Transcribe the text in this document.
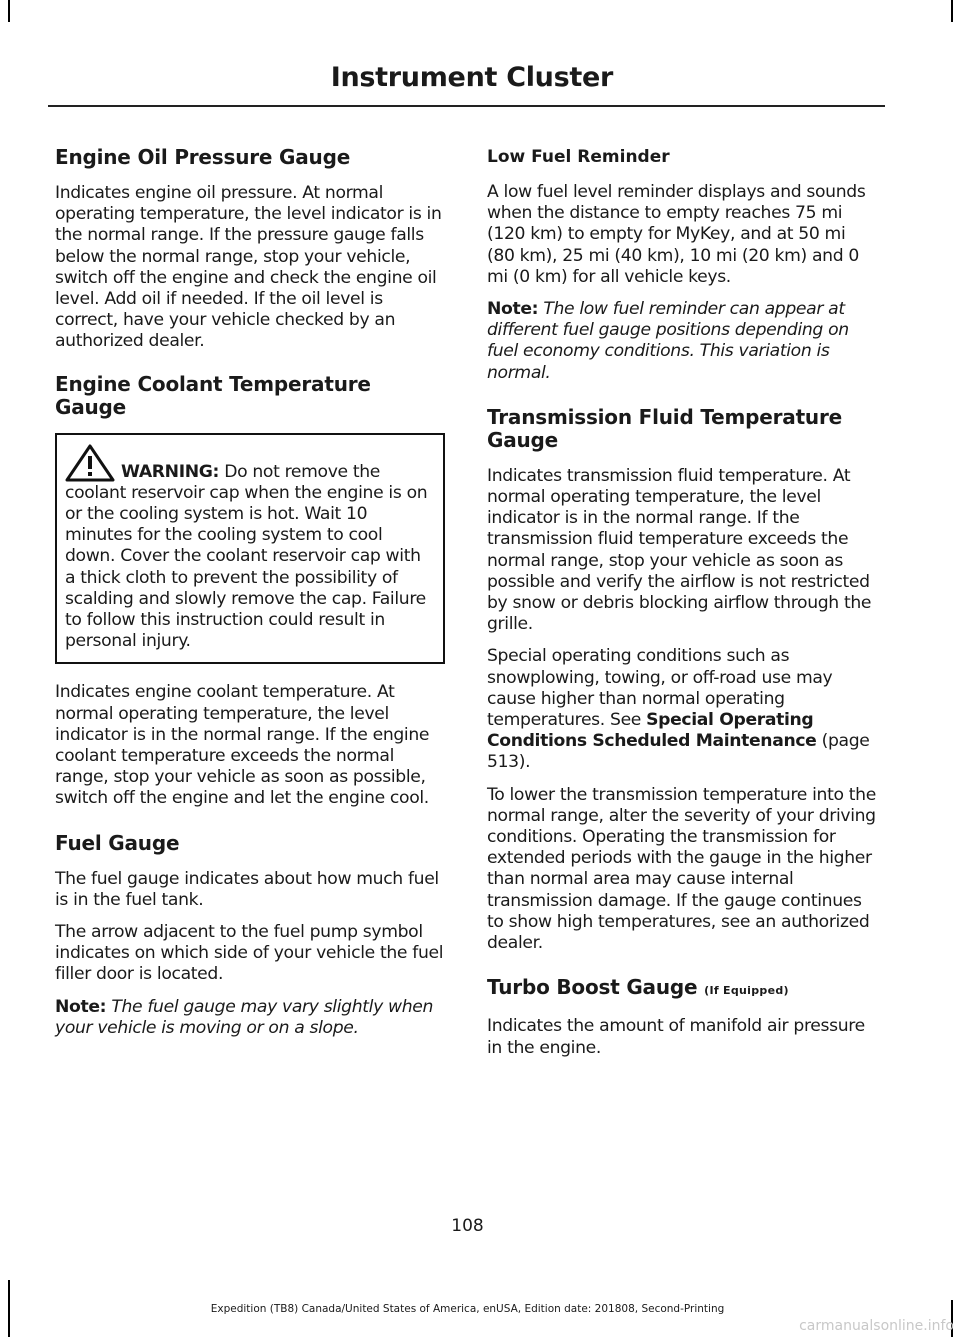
Instrument Cluster
Engine Oil Pressure Gauge

Indicates engine oil pressure. At normal operating temperature, the level indicator is in the normal range. If the pressure gauge falls below the normal range, stop your vehicle, switch off the engine and check the engine oil level. Add oil if needed. If the oil level is correct, have your vehicle checked by an authorized dealer.

Engine Coolant Temperature Gauge

WARNING: Do not remove the coolant reservoir cap when the engine is on or the cooling system is hot. Wait 10 minutes for the cooling system to cool down. Cover the coolant reservoir cap with a thick cloth to prevent the possibility of scalding and slowly remove the cap. Failure to follow this instruction could result in personal injury.

Indicates engine coolant temperature. At normal operating temperature, the level indicator is in the normal range. If the engine coolant temperature exceeds the normal range, stop your vehicle as soon as possible, switch off the engine and let the engine cool.

Fuel Gauge

The fuel gauge indicates about how much fuel is in the fuel tank.

The arrow adjacent to the fuel pump symbol indicates on which side of your vehicle the fuel filler door is located.

Note: The fuel gauge may vary slightly when your vehicle is moving or on a slope.

Low Fuel Reminder

A low fuel level reminder displays and sounds when the distance to empty reaches 75 mi (120 km) to empty for MyKey, and at 50 mi (80 km), 25 mi (40 km), 10 mi (20 km) and 0 mi (0 km) for all vehicle keys.

Note: The low fuel reminder can appear at different fuel gauge positions depending on fuel economy conditions. This variation is normal.

Transmission Fluid Temperature Gauge

Indicates transmission fluid temperature. At normal operating temperature, the level indicator is in the normal range. If the transmission fluid temperature exceeds the normal range, stop your vehicle as soon as possible and verify the airflow is not restricted by snow or debris blocking airflow through the grille.

Special operating conditions such as snowplowing, towing, or off-road use may cause higher than normal operating temperatures. See Special Operating Conditions Scheduled Maintenance (page 513).

To lower the transmission temperature into the normal range, alter the severity of your driving conditions. Operating the transmission for extended periods with the gauge in the higher than normal area may cause internal transmission damage. If the gauge continues to show high temperatures, see an authorized dealer.

Turbo Boost Gauge (If Equipped)

Indicates the amount of manifold air pressure in the engine.

108
Expedition (TB8) Canada/United States of America, enUSA, Edition date: 201808, Second-Printing
carmanualsonline.info
